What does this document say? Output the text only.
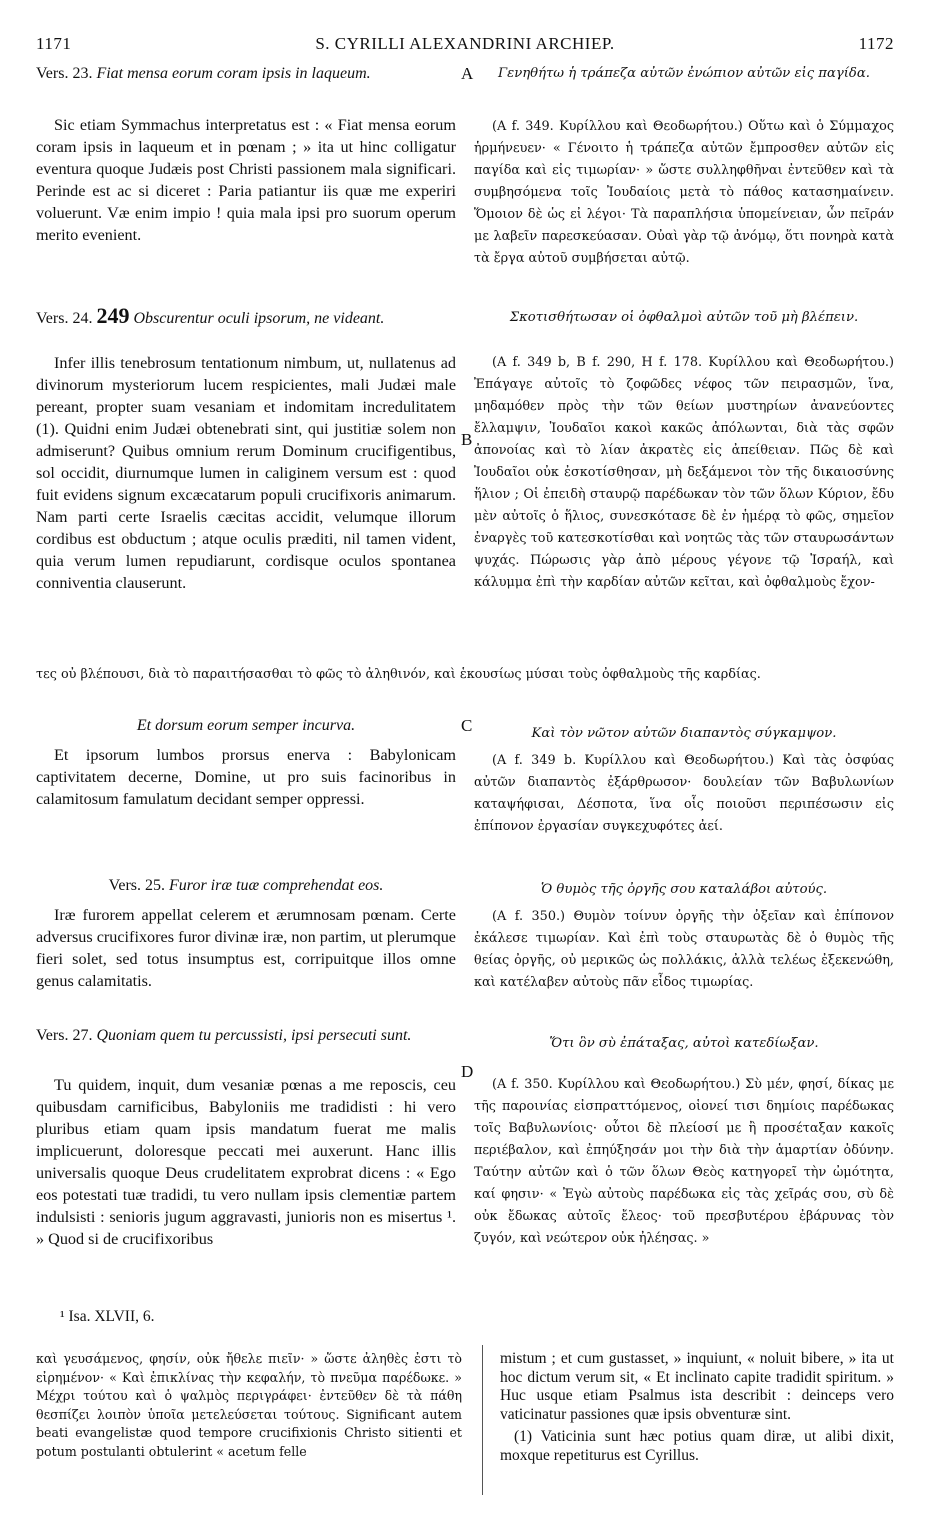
1171	S. CYRILLI ALEXANDRINI ARCHIEP.	1172
A
B
C
D
Vers. 23. Fiat mensa eorum coram ipsis in laqueum.
Sic etiam Symmachus interpretatus est : « Fiat mensa eorum coram ipsis in laqueum et in pœnam ; » ita ut hinc colligatur eventura quoque Judæis post Christi passionem mala significari. Perinde est ac si diceret : Paria patiantur iis quæ me experiri voluerunt. Væ enim impio ! quia mala ipsi pro suorum operum merito evenient.
Vers. 24. 249 Obscurentur oculi ipsorum, ne videant.
Infer illis tenebrosum tentationum nimbum, ut, nullatenus ad divinorum mysteriorum lucem respicientes, mali Judæi male pereant, propter suam vesaniam et indomitam incredulitatem (1). Quidni enim Judæi obtenebrati sint, qui justitiæ solem non admiserunt? Quibus omnium rerum Dominum crucifigentibus, sol occidit, diurnumque lumen in caliginem versum est : quod fuit evidens signum excæcatarum populi crucifixoris animarum. Nam parti certe Israelis cæcitas accidit, velumque illorum cordibus est obductum ; atque oculis præditi, nil tamen vident, quia verum lumen repudiarunt, cordisque oculos spontanea conniventia clauserunt.
Γενηθήτω ἡ τράπεζα αὐτῶν ἐνώπιον αὐτῶν εἰς παγίδα.
(A f. 349. Κυρίλλου καὶ Θεοδωρήτου.) Οὕτω καὶ ὁ Σύμμαχος ἡρμήνευεν· « Γένοιτο ἡ τράπεζα αὐτῶν ἔμπροσθεν αὐτῶν εἰς παγίδα καὶ εἰς τιμωρίαν· » ὥστε συλληφθῆναι ἐντεῦθεν καὶ τὰ συμβησόμενα τοῖς Ἰουδαίοις μετὰ τὸ πάθος κατασημαίνειν. Ὅμοιον δὲ ὡς εἰ λέγοι· Τὰ παραπλήσια ὑπομείνειαν, ὧν πεῖράν με λαβεῖν παρεσκεύασαν. Οὐαὶ γὰρ τῷ ἀνόμῳ, ὅτι πονηρὰ κατὰ τὰ ἔργα αὐτοῦ συμβήσεται αὐτῷ.
Σκοτισθήτωσαν οἱ ὀφθαλμοὶ αὐτῶν τοῦ μὴ βλέπειν.
(A f. 349 b, B f. 290, H f. 178. Κυρίλλου καὶ Θεοδωρήτου.) Ἐπάγαγε αὐτοῖς τὸ ζοφῶδες νέφος τῶν πειρασμῶν, ἵνα, μηδαμόθεν πρὸς τὴν τῶν θείων μυστηρίων ἀνανεύοντες ἔλλαμψιν, Ἰουδαῖοι κακοὶ κακῶς ἀπόλωνται, διὰ τὰς σφῶν ἀπονοίας καὶ τὸ λίαν ἀκρατὲς εἰς ἀπείθειαν. Πῶς δὲ καὶ Ἰουδαῖοι οὐκ ἐσκοτίσθησαν, μὴ δεξάμενοι τὸν τῆς δικαιοσύνης ἥλιον ; Οἱ ἐπειδὴ σταυρῷ παρέδωκαν τὸν τῶν ὅλων Κύριον, ἔδυ μὲν αὐτοῖς ὁ ἥλιος, συνεσκότασε δὲ ἐν ἡμέρᾳ τὸ φῶς, σημεῖον ἐναργὲς τοῦ κατεσκοτίσθαι καὶ νοητῶς τὰς τῶν σταυρωσάντων ψυχάς. Πώρωσις γὰρ ἀπὸ μέρους γέγονε τῷ Ἰσραήλ, καὶ κάλυμμα ἐπὶ τὴν καρδίαν αὐτῶν κεῖται, καὶ ὀφθαλμοὺς ἔχον-
τες οὐ βλέπουσι, διὰ τὸ παραιτήσασθαι τὸ φῶς τὸ ἀληθινόν, καὶ ἑκουσίως μύσαι τοὺς ὀφθαλμοὺς τῆς καρδίας.
Et dorsum eorum semper incurva.
Et ipsorum lumbos prorsus enerva : Babylonicam captivitatem decerne, Domine, ut pro suis facinoribus in calamitosum famulatum decidant semper oppressi.
Vers. 25. Furor iræ tuæ comprehendat eos.
Iræ furorem appellat celerem et ærumnosam pœnam. Certe adversus crucifixores furor divinæ iræ, non partim, ut plerumque fieri solet, sed totus insumptus est, corripuitque illos omne genus calamitatis.
Vers. 27. Quoniam quem tu percussisti, ipsi persecuti sunt.
Tu quidem, inquit, dum vesaniæ pœnas a me reposcis, ceu quibusdam carnificibus, Babyloniis me tradidisti : hi vero pluribus etiam quam ipsis mandatum fuerat me malis implicuerunt, doloresque peccati mei auxerunt. Hanc illis universalis quoque Deus crudelitatem exprobrat dicens : « Ego eos potestati tuæ tradidi, tu vero nullam ipsis clementiæ partem indulsisti : senioris jugum aggravasti, junioris non es misertus ¹. » Quod si de crucifixoribus
¹ Isa. XLVII, 6.
Καὶ τὸν νῶτον αὐτῶν διαπαντὸς σύγκαμψον.
(A f. 349 b. Κυρίλλου καὶ Θεοδωρήτου.) Καὶ τὰς ὀσφύας αὐτῶν διαπαντὸς ἐξάρθρωσον· δουλείαν τῶν Βαβυλωνίων καταψήφισαι, Δέσποτα, ἵνα οἷς ποιοῦσι περιπέσωσιν εἰς ἐπίπονον ἐργασίαν συγκεχυφότες ἀεί.
Ὁ θυμὸς τῆς ὀργῆς σου καταλάβοι αὐτούς.
(A f. 350.) Θυμὸν τοίνυν ὀργῆς τὴν ὀξεῖαν καὶ ἐπίπονον ἐκάλεσε τιμωρίαν. Καὶ ἐπὶ τοὺς σταυρωτὰς δὲ ὁ θυμὸς τῆς θείας ὀργῆς, οὐ μερικῶς ὡς πολλάκις, ἀλλὰ τελέως ἐξεκενώθη, καὶ κατέλαβεν αὐτοὺς πᾶν εἶδος τιμωρίας.
Ὅτι ὃν σὺ ἐπάταξας, αὐτοὶ κατεδίωξαν.
(A f. 350. Κυρίλλου καὶ Θεοδωρήτου.) Σὺ μέν, φησί, δίκας με τῆς παροινίας εἰσπραττόμενος, οἱονεί τισι δημίοις παρέδωκας τοῖς Βαβυλωνίοις· οὗτοι δὲ πλείοσί με ἢ προσέταξαν κακοῖς περιέβαλον, καὶ ἐπηύξησάν μοι τὴν διὰ τὴν ἁμαρτίαν ὀδύνην. Ταύτην αὐτῶν καὶ ὁ τῶν ὅλων Θεὸς κατηγορεῖ τὴν ὠμότητα, καί φησιν· « Ἐγὼ αὐτοὺς παρέδωκα εἰς τὰς χεῖράς σου, σὺ δὲ οὐκ ἔδωκας αὐτοῖς ἔλεος· τοῦ πρεσβυτέρου ἐβάρυνας τὸν ζυγόν, καὶ νεώτερον οὐκ ἠλέησας. »
καὶ γευσάμενος, φησίν, οὐκ ἤθελε πιεῖν· » ὥστε ἀληθὲς ἐστι τὸ εἰρημένον· « Καὶ ἐπικλίνας τὴν κεφαλήν, τὸ πνεῦμα παρέδωκε. » Μέχρι τούτου καὶ ὁ ψαλμὸς περιγράφει· ἐντεῦθεν δὲ τὰ πάθη θεσπίζει λοιπὸν ὑποῖα μετελεύσεται τούτους. Significant autem beati evangelistæ quod tempore crucifixionis Christo sitienti et potum postulanti obtulerint « acetum felle
mistum ; et cum gustasset, » inquiunt, « noluit bibere, » ita ut hoc dictum verum sit, « Et inclinato capite tradidit spiritum. » Huc usque etiam Psalmus ista describit : deinceps vero vaticinatur passiones quæ ipsis obventuræ sint.
(1) Vaticinia sunt hæc potius quam diræ, ut alibi dixit, moxque repetiturus est Cyrillus.
